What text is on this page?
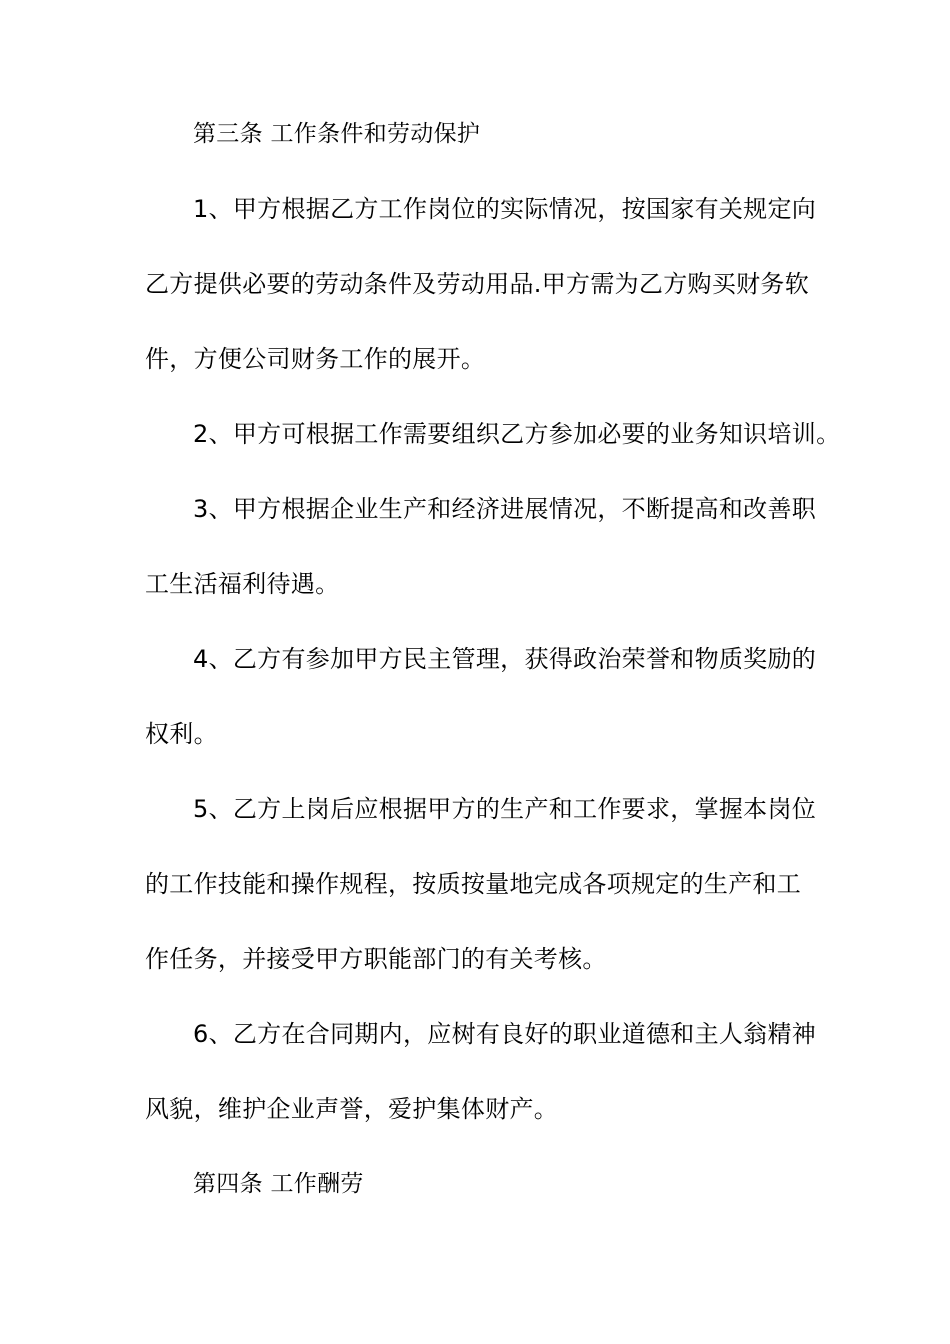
第三条 工作条件和劳动保护
1、甲方根据乙方工作岗位的实际情况，按国家有关规定向
乙方提供必要的劳动条件及劳动用品.甲方需为乙方购买财务软
件，方便公司财务工作的展开。
2、甲方可根据工作需要组织乙方参加必要的业务知识培训。
3、甲方根据企业生产和经济进展情况，不断提高和改善职
工生活福利待遇。
4、乙方有参加甲方民主管理，获得政治荣誉和物质奖励的
权利。
5、乙方上岗后应根据甲方的生产和工作要求，掌握本岗位
的工作技能和操作规程，按质按量地完成各项规定的生产和工
作任务，并接受甲方职能部门的有关考核。
6、乙方在合同期内，应树有良好的职业道德和主人翁精神
风貌，维护企业声誉，爱护集体财产。
第四条 工作酬劳
